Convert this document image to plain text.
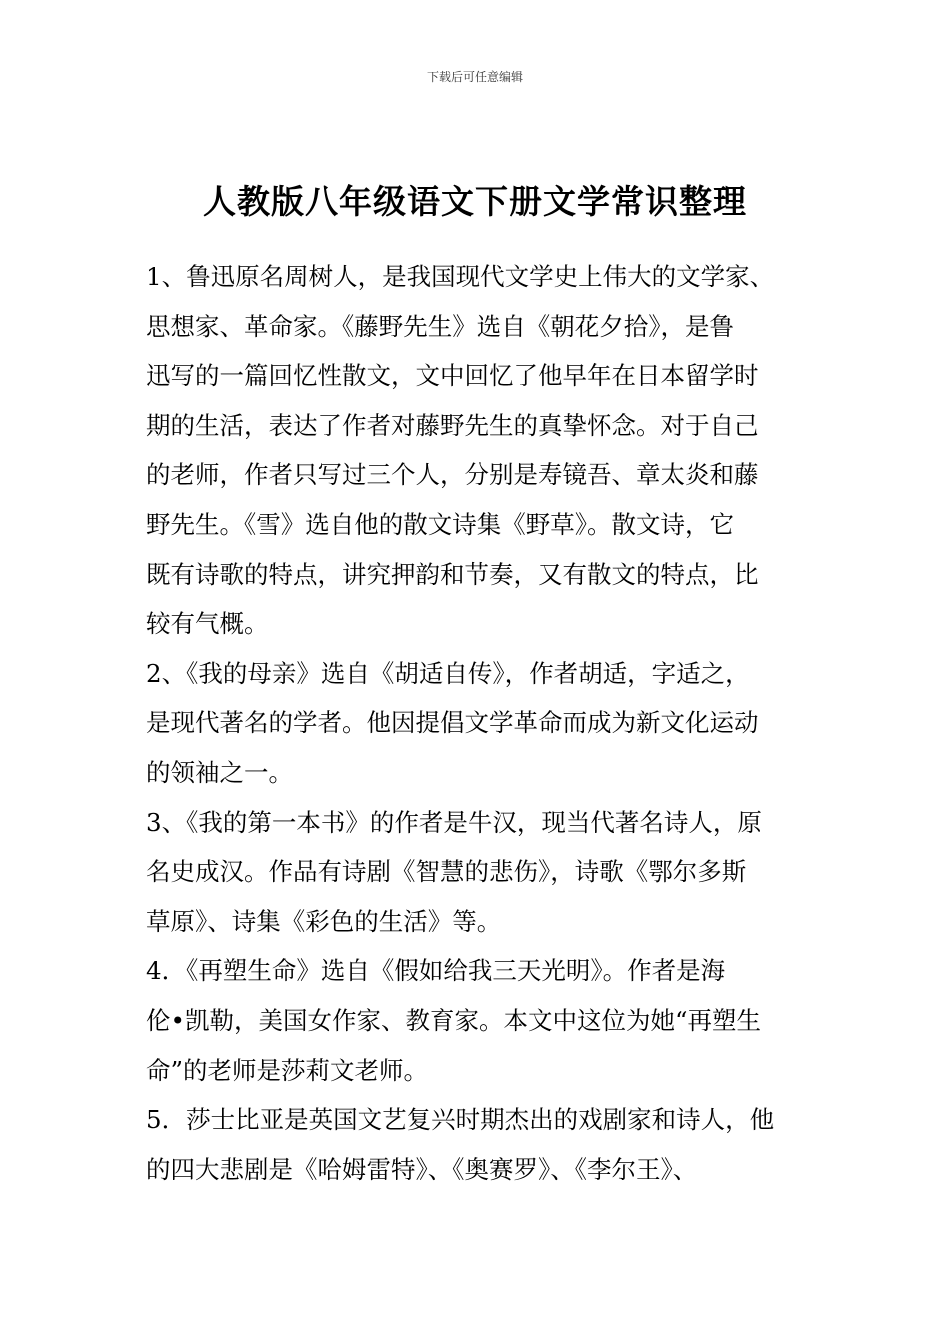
下载后可任意编辑
人教版八年级语文下册文学常识整理
1、鲁迅原名周树人，是我国现代文学史上伟大的文学家、
思想家、革命家。《藤野先生》选自《朝花夕拾》，是鲁
迅写的一篇回忆性散文，文中回忆了他早年在日本留学时
期的生活，表达了作者对藤野先生的真挚怀念。对于自己
的老师，作者只写过三个人，分别是寿镜吾、章太炎和藤
野先生。《雪》选自他的散文诗集《野草》。散文诗，它
既有诗歌的特点，讲究押韵和节奏，又有散文的特点，比
较有气概。
2、《我的母亲》选自《胡适自传》，作者胡适，字适之，
是现代著名的学者。他因提倡文学革命而成为新文化运动
的领袖之一。
3、《我的第一本书》的作者是牛汉，现当代著名诗人，原
名史成汉。作品有诗剧《智慧的悲伤》，诗歌《鄂尔多斯
草原》、诗集《彩色的生活》等。
4．《再塑生命》选自《假如给我三天光明》。作者是海
伦•凯勒，美国女作家、教育家。本文中这位为她“再塑生
命”的老师是莎莉文老师。
5．莎士比亚是英国文艺复兴时期杰出的戏剧家和诗人，他
的四大悲剧是《哈姆雷特》、《奥赛罗》、《李尔王》、
